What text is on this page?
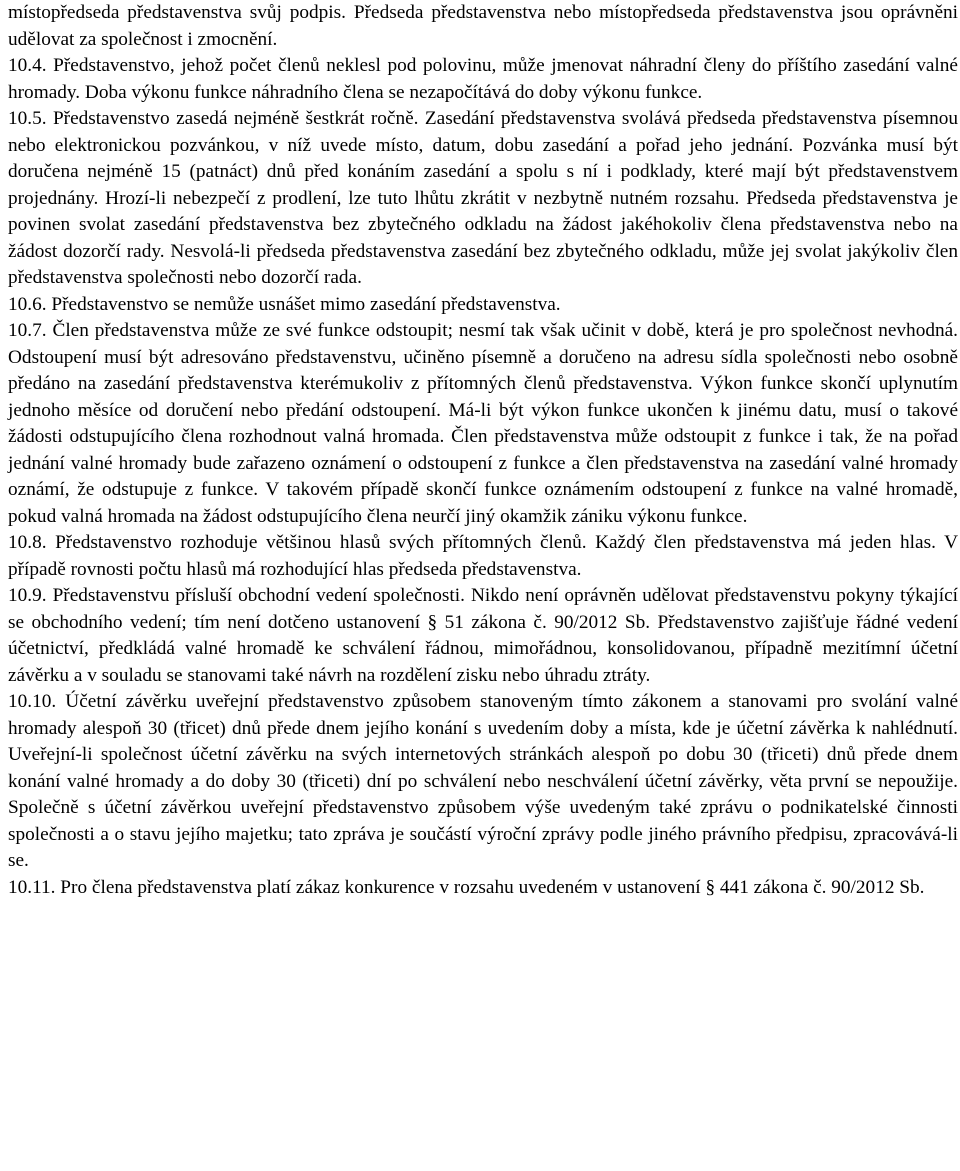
místopředseda představenstva svůj podpis. Předseda představenstva nebo místopředseda představenstva jsou oprávněni udělovat za společnost i zmocnění.

10.4. Představenstvo, jehož počet členů neklesl pod polovinu, může jmenovat náhradní členy do příštího zasedání valné hromady. Doba výkonu funkce náhradního člena se nezapočítává do doby výkonu funkce.

10.5. Představenstvo zasedá nejméně šestkrát ročně. Zasedání představenstva svolává předseda představenstva písemnou nebo elektronickou pozvánkou, v níž uvede místo, datum, dobu zasedání a pořad jeho jednání. Pozvánka musí být doručena nejméně 15 (patnáct) dnů před konáním zasedání a spolu s ní i podklady, které mají být představenstvem projednány. Hrozí-li nebezpečí z prodlení, lze tuto lhůtu zkrátit v nezbytně nutném rozsahu. Předseda představenstva je povinen svolat zasedání představenstva bez zbytečného odkladu na žádost jakéhokoliv člena představenstva nebo na žádost dozorčí rady. Nesvolá-li předseda představenstva zasedání bez zbytečného odkladu, může jej svolat jakýkoliv člen představenstva společnosti nebo dozorčí rada.

10.6. Představenstvo se nemůže usnášet mimo zasedání představenstva.

10.7. Člen představenstva může ze své funkce odstoupit; nesmí tak však učinit v době, která je pro společnost nevhodná. Odstoupení musí být adresováno představenstvu, učiněno písemně a doručeno na adresu sídla společnosti nebo osobně předáno na zasedání představenstva kterémukoliv z přítomných členů představenstva. Výkon funkce skončí uplynutím jednoho měsíce od doručení nebo předání odstoupení. Má-li být výkon funkce ukončen k jinému datu, musí o takové žádosti odstupujícího člena rozhodnout valná hromada. Člen představenstva může odstoupit z funkce i tak, že na pořad jednání valné hromady bude zařazeno oznámení o odstoupení z funkce a člen představenstva na zasedání valné hromady oznámí, že odstupuje z funkce. V takovém případě skončí funkce oznámením odstoupení z funkce na valné hromadě, pokud valná hromada na žádost odstupujícího člena neurčí jiný okamžik zániku výkonu funkce.

10.8. Představenstvo rozhoduje většinou hlasů svých přítomných členů. Každý člen představenstva má jeden hlas. V případě rovnosti počtu hlasů má rozhodující hlas předseda představenstva.

10.9. Představenstvu přísluší obchodní vedení společnosti. Nikdo není oprávněn udělovat představenstvu pokyny týkající se obchodního vedení; tím není dotčeno ustanovení § 51 zákona č. 90/2012 Sb. Představenstvo zajišťuje řádné vedení účetnictví, předkládá valné hromadě ke schválení řádnou, mimořádnou, konsolidovanou, případně mezitímní účetní závěrku a v souladu se stanovami také návrh na rozdělení zisku nebo úhradu ztráty.

10.10. Účetní závěrku uveřejní představenstvo způsobem stanoveným tímto zákonem a stanovami pro svolání valné hromady alespoň 30 (třicet) dnů přede dnem jejího konání s uvedením doby a místa, kde je účetní závěrka k nahlédnutí. Uveřejní-li společnost účetní závěrku na svých internetových stránkách alespoň po dobu 30 (třiceti) dnů přede dnem konání valné hromady a do doby 30 (třiceti) dní po schválení nebo neschválení účetní závěrky, věta první se nepoužije. Společně s účetní závěrkou uveřejní představenstvo způsobem výše uvedeným také zprávu o podnikatelské činnosti společnosti a o stavu jejího majetku; tato zpráva je součástí výroční zprávy podle jiného právního předpisu, zpracovává-li se.

10.11. Pro člena představenstva platí zákaz konkurence v rozsahu uvedeném v ustanovení § 441 zákona č. 90/2012 Sb.
